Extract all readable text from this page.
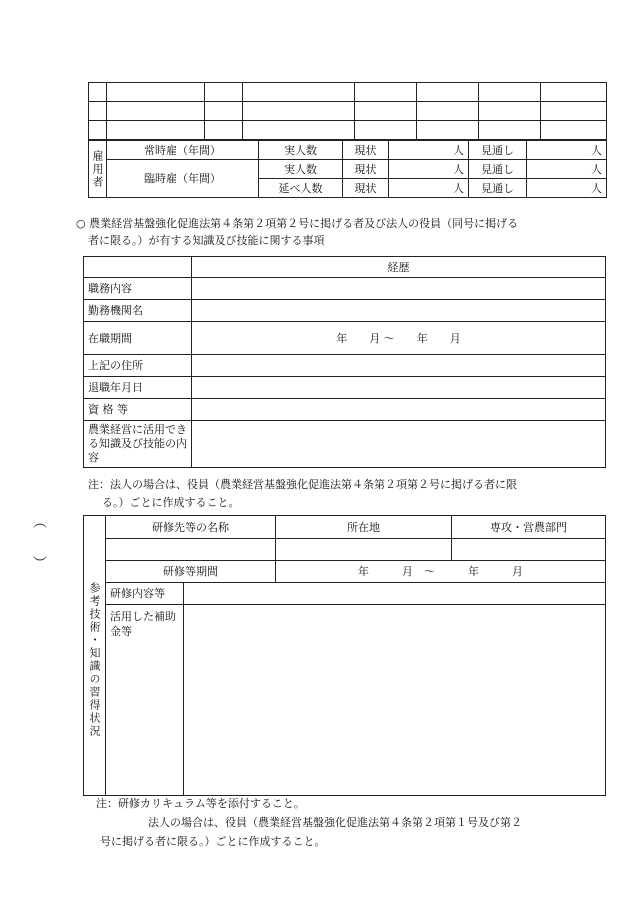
雇用者	常時雇（年間）	実人数	現状	人	見通し	人
	臨時雇（年間）	実人数	現状	人	見通し	人
		延べ人数	現状	人	見通し	人
○ 農業経営基盤強化促進法第４条第２項第２号に掲げる者及び法人の役員（同号に掲げる
者に限る。）が有する知識及び技能に関する事項
	経歴
職務内容	
勤務機関名	
在職期間	年　　月 ～　　年　　月
上記の住所	
退職年月日	
資 格 等	
農業経営に活用できる知識及び技能の内容	
注：法人の場合は、役員（農業経営基盤強化促進法第４条第２項第２号に掲げる者に限
る。）ごとに作成すること。
︵
︶
参考技術・知識の習得状況	研修先等の名称		所在地	専攻・営農部門

	研修等期間		年　　　月　～　　　年　　　月	
	研修内容等			
	活用した補助金等			
注：研修カリキュラム等を添付すること。
法人の場合は、役員（農業経営基盤強化促進法第４条第２項第１号及び第２
号に掲げる者に限る。）ごとに作成すること。
